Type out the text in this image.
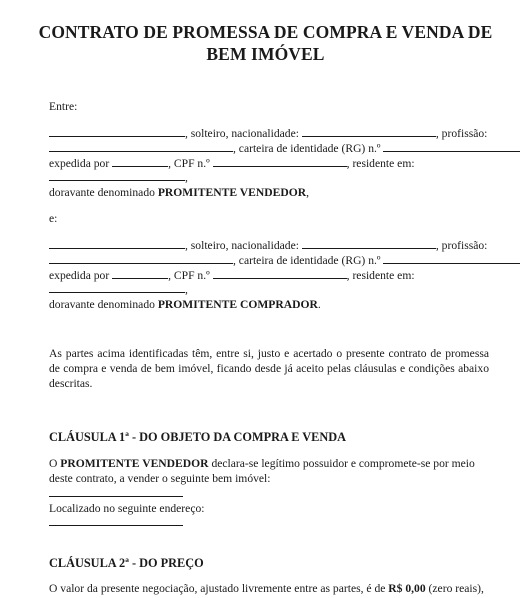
CONTRATO DE PROMESSA DE COMPRA E VENDA DE
BEM IMÓVEL
Entre:
, solteiro, nacionalidade:	, profissão:
, carteira de identidade (RG) n.º
expedida por	, CPF n.º	, residente em:
,
doravante denominado PROMITENTE VENDEDOR,
e:
, solteiro, nacionalidade:	, profissão:
, carteira de identidade (RG) n.º
expedida por	, CPF n.º	, residente em:
,
doravante denominado PROMITENTE COMPRADOR.
As partes acima identificadas têm, entre si, justo e acertado o presente contrato de promessa de compra e venda de bem imóvel, ficando desde já aceito pelas cláusulas e condições abaixo descritas.
CLÁUSULA 1ª - DO OBJETO DA COMPRA E VENDA
O PROMITENTE VENDEDOR declara-se legítimo possuidor e compromete-se por meio deste contrato, a vender o seguinte bem imóvel:
Localizado no seguinte endereço:
CLÁUSULA 2ª - DO PREÇO
O valor da presente negociação, ajustado livremente entre as partes, é de R$ 0,00 (zero reais),
